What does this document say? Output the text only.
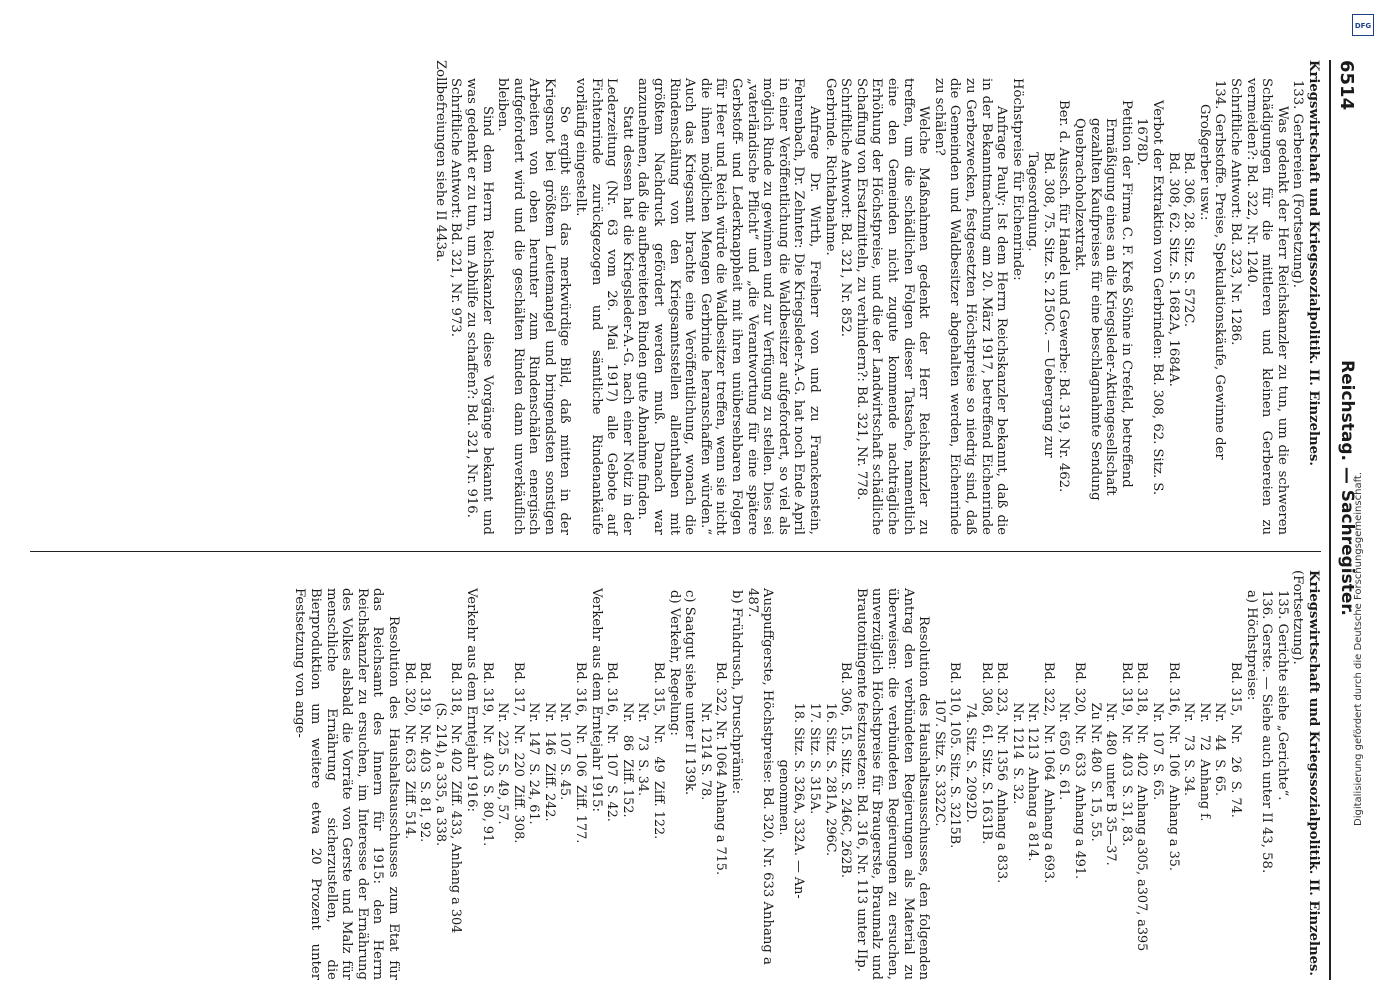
6514
Reichstag. — Sachregister.

Kriegswirtschaft und Kriegssozialpolitik. II. Einzelnes.

133. Gerbereien (Fortsetzung).

Was gedenkt der Herr Reichskanzler zu tun, um die schweren Schädigungen für die mittleren und kleinen Gerbereien zu vermeiden?: Bd. 322, Nr. 1240.

Schriftliche Antwort: Bd. 323, Nr. 1286.

134. Gerbstoffe. Preise, Spekulationskäufe, Gewinne der Großgerber usw.:

Bd. 306, 28. Sitz. S. 572C.

Bd. 308, 62. Sitz. S. 1682A, 1684A.

Verbot der Extraktion von Gerbrinden: Bd. 308, 62. Sitz. S. 1678D.

Petition der Firma C. F. Kreß Söhne in Crefeld, betreffend Ermäßigung eines an die Kriegsleder-Aktiengesellschaft gezahlten Kaufpreises für eine beschlagnahmte Sendung Quebrachoholzextrakt.

Ber. d. Aussch. für Handel und Gewerbe: Bd. 319, Nr. 462.

Bd. 308, 75. Sitz. S. 2150C. — Uebergang zur Tagesordnung.

Höchstpreise für Eichenrinde:

Anfrage Pauly: Ist dem Herrn Reichskanzler bekannt, daß die in der Bekanntmachung am 20. März 1917, betreffend Eichenrinde zu Gerbezwecken, festgesetzten Höchstpreise so niedrig sind, daß die Gemeinden und Waldbesitzer abgehalten werden, Eichenrinde zu schälen?

Welche Maßnahmen gedenkt der Herr Reichskanzler zu treffen, um die schädlichen Folgen dieser Tatsache, namentlich eine den Gemeinden nicht zugute kommende nachträgliche Erhöhung der Höchstpreise, und die der Landwirtschaft schädliche Schaffung von Ersatzmitteln, zu verhindern?: Bd. 321, Nr. 778.

Schriftliche Antwort: Bd. 321, Nr. 852.

Gerbrinde. Richtabnahme.

Anfrage Dr. Wirth, Freiherr von und zu Franckenstein, Fehrenbach, Dr. Zehnter: Die Kriegsleder-A.-G. hat noch Ende April in einer Veröffentlichung die Waldbesitzer aufgefordert, so viel als möglich Rinde zu gewinnen und zur Verfügung zu stellen. Dies sei „vaterländische Pflicht“ und „die Verantwortung für eine spätere Gerbstoff- und Lederknappheit mit ihren unübersehbaren Folgen für Heer und Reich würde die Waldbesitzer treffen, wenn sie nicht die ihnen möglichen Mengen Gerbrinde heranschaffen würden.“ Auch das Kriegsamt brachte eine Veröffentlichung, wonach die Rindenschälung von den Kriegsamtsstellen allenthalben mit größtem Nachdruck gefördert werden muß. Danach war anzunehmen, daß die aufbereiteten Rinden gute Abnahme finden.

Statt dessen hat die Kriegsleder-A.-G. nach einer Notiz in der Lederzeitung (Nr. 63 vom 26. Mai 1917) alle Gebote auf Fichtenrinde zurückgezogen und sämtliche Rindenankäufe vorläufig eingestellt.

So ergibt sich das merkwürdige Bild, daß mitten in der Kriegsnot bei größtem Leutemangel und bringendsten sonstigen Arbeiten von oben herunter zum Rindenschälen energisch aufgefordert wird und die geschälten Rinden dann unverkäuflich bleiben.

Sind dem Herrn Reichskanzler diese Vorgänge bekannt und was gedenkt er zu tun, um Abhilfe zu schaffen?: Bd. 321, Nr. 916.

Schriftliche Antwort: Bd. 321, Nr. 973.

Zollbefreiungen siehe II 443a.

Kriegswirtschaft und Kriegssozialpolitik. II. Einzelnes.

(Fortsetzung).

135. Gerichte siehe „Gerichte“.

136. Gerste. — Siehe auch unter II 43, 58.

a) Höchstpreise:

Bd. 315,  Nr.   26  S. 74.

Nr.   44  S. 65.

Nr.   72  Anhang f.

Nr.   73  S. 34.

Bd. 316,  Nr.  106  Anhang a 35.

Nr.  107  S. 65.

Bd. 318,  Nr.  402  Anhang a305, a307, a395

Bd. 319,  Nr.  403  S. 31, 83.

Nr.  480  unter B 35—37.

Zu Nr. 480  S. 15, 55.

Bd. 320,  Nr.  633  Anhang a 491.

Nr.  650  S. 61.

Bd. 322,  Nr. 1064  Anhang a 693.

Nr. 1213  Anhang a 814.

Nr. 1214  S. 32.

Bd. 323,  Nr. 1356  Anhang a 833.

Bd. 308,  61. Sitz. S. 1631B.

74. Sitz. S. 2092D.

Bd. 310, 105. Sitz. S. 3215B.

107. Sitz. S. 3322C.

Resolution des Haushaltsausschusses, den folgenden Antrag den verbündeten Regierungen als Material zu überweisen: die verbündeten Regierungen zu ersuchen, unverzüglich Höchstpreise für Braugerste, Braumalz und Brautontingente festzusetzen: Bd. 316, Nr. 113 unter IIp.

Bd. 306,  15. Sitz. S. 246C, 262B.

16. Sitz. S. 281A, 296C.

17. Sitz. S. 315A.

18. Sitz. S. 326A, 332A. — An-

genommen.

Auspuffgerste, Höchstpreise: Bd. 320, Nr. 633 Anhang a 487.

b) Frühdrusch, Druschprämie:

Bd. 322, Nr. 1064 Anhang a 715.

Nr. 1214 S. 78.

c) Saatgut siehe unter II 139k.

d) Verkehr, Regelung:

Bd. 315,  Nr.   49  Ziff. 122.

Nr.   73  S. 34.

Nr.   86  Ziff. 152.

Bd. 316,  Nr.  107  S. 42.

Verkehr aus dem Erntejahr 1915:

Bd. 316,  Nr.  106  Ziff. 177.

Nr.  107  S. 45.

Nr.  146  Ziff. 242.

Nr.  147  S. 24, 61.

Bd. 317,  Nr.  220  Ziff. 308.

Nr.  225  S. 49, 57.

Bd. 319,  Nr.  403  S. 80, 91.

Verkehr aus dem Erntejahr 1916:

Bd. 318,  Nr. 402  Ziff. 433, Anhang a 304

(S. 214), a 335, a 338.

Bd. 319,  Nr. 403  S. 81, 92.

Bd. 320,  Nr. 633  Ziff. 514.

Resolution des Haushaltsausschusses zum Etat für das Reichsamt des Innern für 1915: den Herrn Reichskanzler zu ersuchen, im Interesse der Ernährung des Volkes alsbald die Vorräte von Gerste und Malz für menschliche Ernährung sicherzustellen, die Bierproduktion um weitere etwa 20 Prozent unter Festsetzung von ange-

DFG
Digitalisierung gefördert durch die Deutsche Forschungsgemeinschaft.
